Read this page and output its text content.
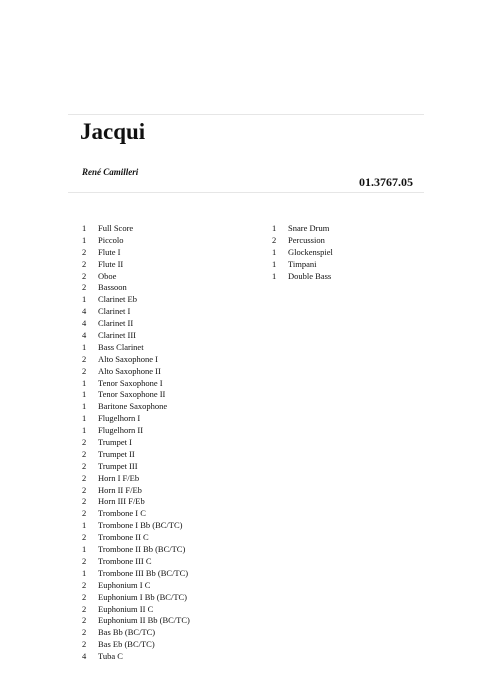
Jacqui
René Camilleri
01.3767.05
1	Full Score
1	Piccolo
2	Flute I
2	Flute II
2	Oboe
2	Bassoon
1	Clarinet Eb
4	Clarinet I
4	Clarinet II
4	Clarinet III
1	Bass Clarinet
2	Alto Saxophone I
2	Alto Saxophone II
1	Tenor Saxophone I
1	Tenor Saxophone II
1	Baritone Saxophone
1	Flugelhorn I
1	Flugelhorn II
2	Trumpet I
2	Trumpet II
2	Trumpet III
2	Horn I F/Eb
2	Horn II F/Eb
2	Horn III F/Eb
2	Trombone I C
1	Trombone I Bb (BC/TC)
2	Trombone II C
1	Trombone II Bb (BC/TC)
2	Trombone III C
1	Trombone III Bb (BC/TC)
2	Euphonium I C
2	Euphonium I Bb (BC/TC)
2	Euphonium II C
2	Euphonium II Bb (BC/TC)
2	Bas Bb (BC/TC)
2	Bas Eb (BC/TC)
4	Tuba C
1	Snare Drum
2	Percussion
1	Glockenspiel
1	Timpani
1	Double Bass
